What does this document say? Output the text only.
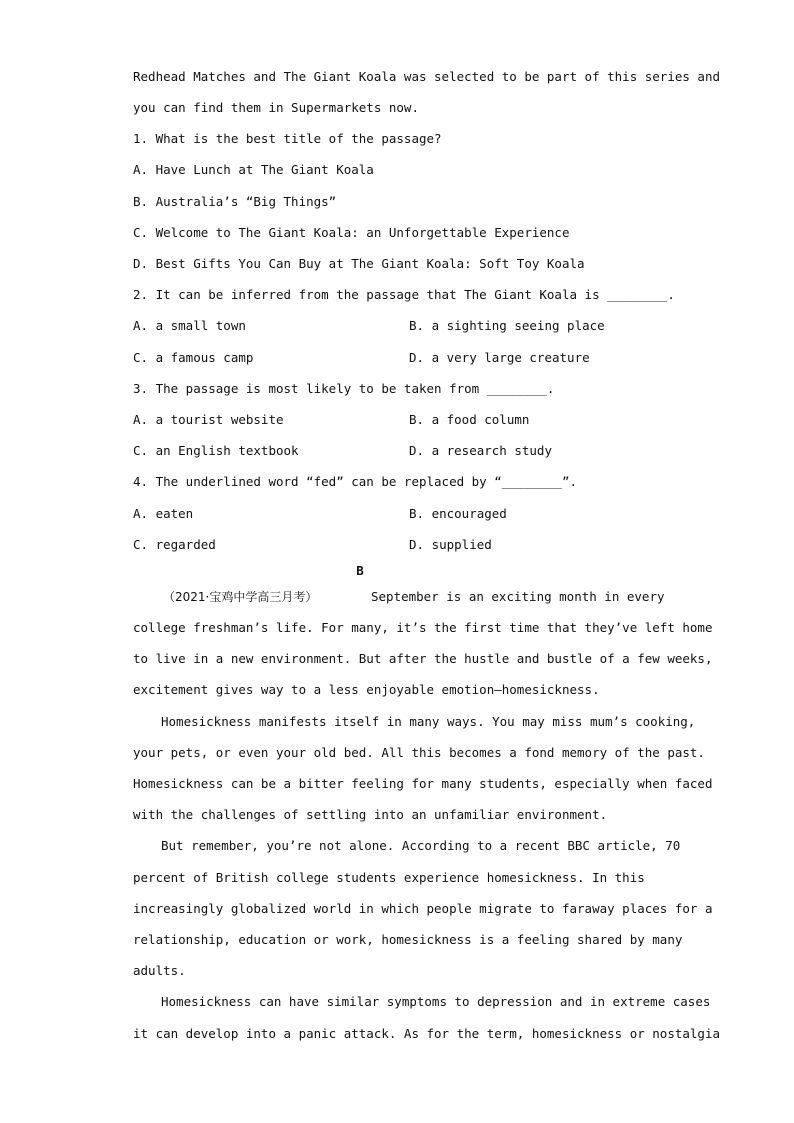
Redhead Matches and The Giant Koala was selected to be part of this series and
you can find them in Supermarkets now.
1. What is the best title of the passage?
A. Have Lunch at The Giant Koala
B. Australia’s “Big Things”
C. Welcome to The Giant Koala: an Unforgettable Experience
D. Best Gifts You Can Buy at The Giant Koala: Soft Toy Koala
2. It can be inferred from the passage that The Giant Koala is ________.
A. a small town	B. a sighting seeing place
C. a famous camp	D. a very large creature
3. The passage is most likely to be taken from ________.
A. a tourist website	B. a food column
C. an English textbook	D. a research study
4. The underlined word “fed” can be replaced by “________”.
A. eaten	B. encouraged
C. regarded	D. supplied
B
（2021·宝鸡中学高三月考）	September is an exciting month in every
college freshman’s life. For many, it’s the first time that they’ve left home
to live in a new environment. But after the hustle and bustle of a few weeks,
excitement gives way to a less enjoyable emotion—homesickness.
Homesickness manifests itself in many ways. You may miss mum’s cooking,
your pets, or even your old bed. All this becomes a fond memory of the past.
Homesickness can be a bitter feeling for many students, especially when faced
with the challenges of settling into an unfamiliar environment.
But remember, you’re not alone. According to a recent BBC article, 70
percent of British college students experience homesickness. In this
increasingly globalized world in which people migrate to faraway places for a
relationship, education or work, homesickness is a feeling shared by many
adults.
Homesickness can have similar symptoms to depression and in extreme cases
it can develop into a panic attack. As for the term, homesickness or nostalgia
